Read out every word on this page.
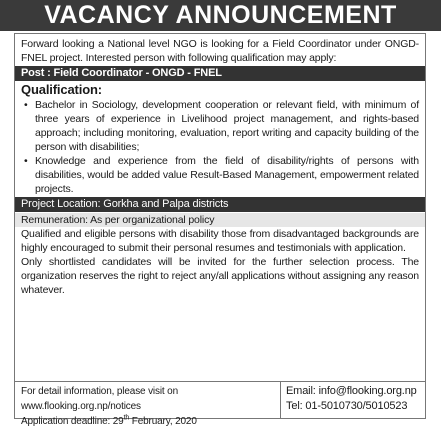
VACANCY ANNOUNCEMENT
Forward looking a National level NGO is looking for a Field Coordinator under ONGD- FNEL project. Interested person with following qualification may apply:
Post : Field Coordinator - ONGD - FNEL
Qualification:
• Bachelor in Sociology, development cooperation or relevant field, with minimum of three years of experience in Livelihood project management, and rights-based approach; including monitoring, evaluation, report writing and capacity building of the person with disabilities;
• Knowledge and experience from the field of disability/rights of persons with disabilities, would be added value Result-Based Management, empowerment related projects.
Project Location: Gorkha and Palpa districts
Remuneration: As per organizational policy
Qualified and eligible persons with disability those from disadvantaged backgrounds are highly encouraged to submit their personal resumes and testimonials with application.
Only shortlisted candidates will be invited for the further selection process. The organization reserves the right to reject any/all applications without assigning any reason whatever.
For detail information, please visit on www.flooking.org.np/notices
Application deadline: 29th February, 2020
Email: info@flooking.org.np
Tel: 01-5010730/5010523
